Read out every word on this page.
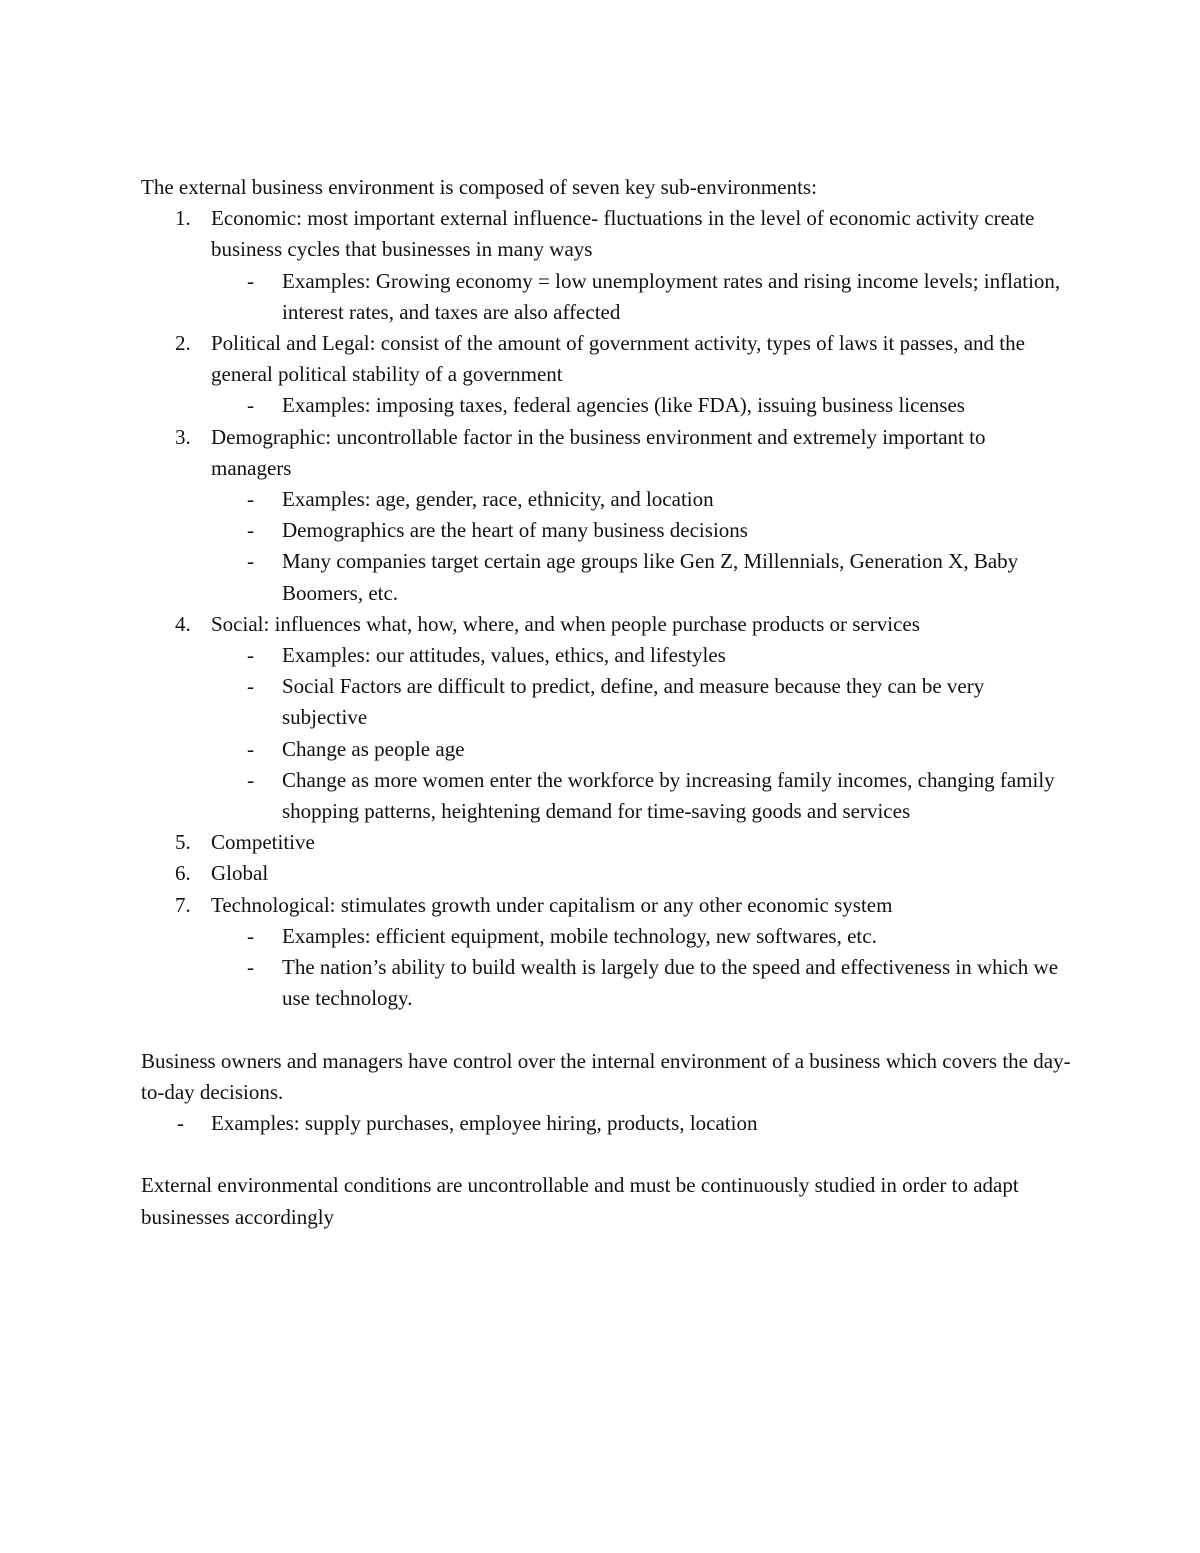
The external business environment is composed of seven key sub-environments:

1. Economic: most important external influence- fluctuations in the level of economic activity create business cycles that businesses in many ways
- Examples: Growing economy = low unemployment rates and rising income levels; inflation, interest rates, and taxes are also affected
2. Political and Legal: consist of the amount of government activity, types of laws it passes, and the general political stability of a government
- Examples: imposing taxes, federal agencies (like FDA), issuing business licenses
3. Demographic: uncontrollable factor in the business environment and extremely important to managers
- Examples: age, gender, race, ethnicity, and location
- Demographics are the heart of many business decisions
- Many companies target certain age groups like Gen Z, Millennials, Generation X, Baby Boomers, etc.
4. Social: influences what, how, where, and when people purchase products or services
- Examples: our attitudes, values, ethics, and lifestyles
- Social Factors are difficult to predict, define, and measure because they can be very subjective
- Change as people age
- Change as more women enter the workforce by increasing family incomes, changing family shopping patterns, heightening demand for time-saving goods and services
5. Competitive
6. Global
7. Technological: stimulates growth under capitalism or any other economic system
- Examples: efficient equipment, mobile technology, new softwares, etc.
- The nation’s ability to build wealth is largely due to the speed and effectiveness in which we use technology.

Business owners and managers have control over the internal environment of a business which covers the day-to-day decisions.

- Examples: supply purchases, employee hiring, products, location

External environmental conditions are uncontrollable and must be continuously studied in order to adapt businesses accordingly
